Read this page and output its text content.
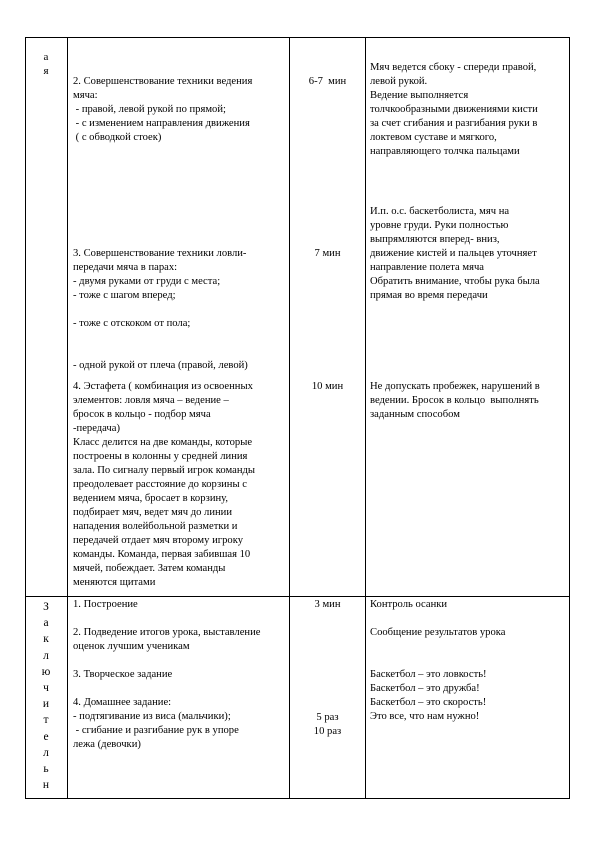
а
я
2. Совершенствование техники ведения
мяча:
- правой, левой рукой по прямой;
- с изменением направления движения
( с обводкой стоек)
6-7  мин
Мяч ведется сбоку - спереди правой,
левой рукой.
Ведение выполняется
толчкообразными движениями кисти
за счет сгибания и разгибания руки в
локтевом суставе и мягкого,
направляющего толчка пальцами
3. Совершенствование техники ловли-
передачи мяча в парах:
- двумя руками от груди с места;
- тоже с шагом вперед;

- тоже с отскоком от пола;

- одной рукой от плеча (правой, левой)
7 мин
И.п. о.с. баскетболиста, мяч на
уровне груди. Руки полностью
выпрямляются вперед- вниз,
движение кистей и пальцев уточняет
направление полета мяча
Обратить внимание, чтобы рука была
прямая во время передачи
4. Эстафета ( комбинация из освоенных
элементов: ловля мяча – ведение –
бросок в кольцо - подбор мяча
-передача)
Класс делится на две команды, которые
построены в колонны у средней линия
зала. По сигналу первый игрок команды
преодолевает расстояние до корзины с
ведением мяча, бросает в корзину,
подбирает мяч, ведет мяч до линии
нападения волейбольной разметки и
передачей отдает мяч второму игроку
команды. Команда, первая забившая 10
мячей, побеждает. Затем команды
меняются щитами
10 мин	Не допускать пробежек, нарушений в
ведении. Бросок в кольцо  выполнять
заданным способом
З
а
к
л
ю
ч
и
т
е
л
ь
н
1. Построение

2. Подведение итогов урока, выставление
оценок лучшим ученикам

3. Творческое задание

4. Домашнее задание:
- подтягивание из виса (мальчики);
- сгибание и разгибание рук в упоре
лежа (девочки)
3 мин
5 раз
10 раз
Контроль осанки

Сообщение результатов урока

Баскетбол – это ловкость!
Баскетбол – это дружба!
Баскетбол – это скорость!
Это все, что нам нужно!
